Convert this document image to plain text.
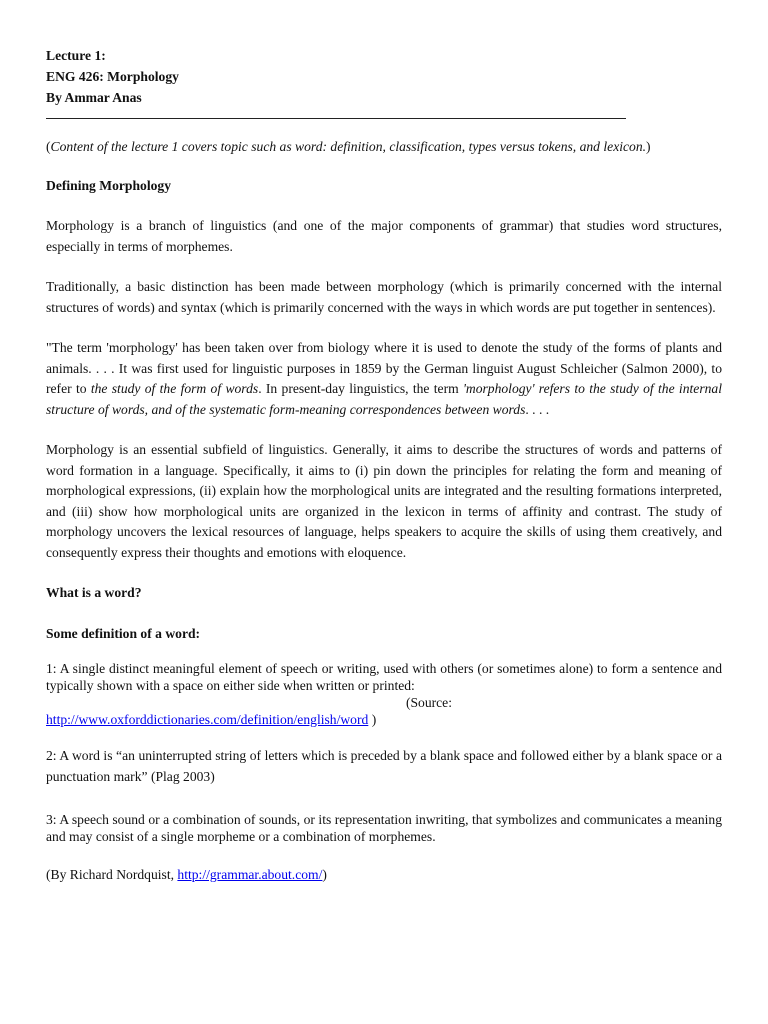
Lecture 1:
ENG 426: Morphology
By Ammar Anas

(Content of the lecture 1 covers topic such as word: definition, classification, types versus tokens, and lexicon.)

Defining Morphology

Morphology is a branch of linguistics (and one of the major components of grammar) that studies word structures, especially in terms of morphemes.

Traditionally, a basic distinction has been made between morphology (which is primarily concerned with the internal structures of words) and syntax (which is primarily concerned with the ways in which words are put together in sentences).

"The term 'morphology' has been taken over from biology where it is used to denote the study of the forms of plants and animals. . . . It was first used for linguistic purposes in 1859 by the German linguist August Schleicher (Salmon 2000), to refer to the study of the form of words. In present-day linguistics, the term 'morphology' refers to the study of the internal structure of words, and of the systematic form-meaning correspondences between words. . . .

Morphology is an essential subfield of linguistics. Generally, it aims to describe the structures of words and patterns of word formation in a language. Specifically, it aims to (i) pin down the principles for relating the form and meaning of morphological expressions, (ii) explain how the morphological units are integrated and the resulting formations interpreted, and (iii) show how morphological units are organized in the lexicon in terms of affinity and contrast. The study of morphology uncovers the lexical resources of language, helps speakers to acquire the skills of using them creatively, and consequently express their thoughts and emotions with eloquence.

What is a word?
Some definition of a word:
1: A single distinct meaningful element of speech or writing, used with others (or sometimes alone) to form a sentence and typically shown with a space on either side when written or printed:
(Source:
http://www.oxforddictionaries.com/definition/english/word )

2: A word is “an uninterrupted string of letters which is preceded by a blank space and followed either by a blank space or a punctuation mark” (Plag 2003)

3: A speech sound or a combination of sounds, or its representation inwriting, that symbolizes and communicates a meaning and may consist of a single morpheme or a combination of morphemes.
(By Richard Nordquist, http://grammar.about.com/)
